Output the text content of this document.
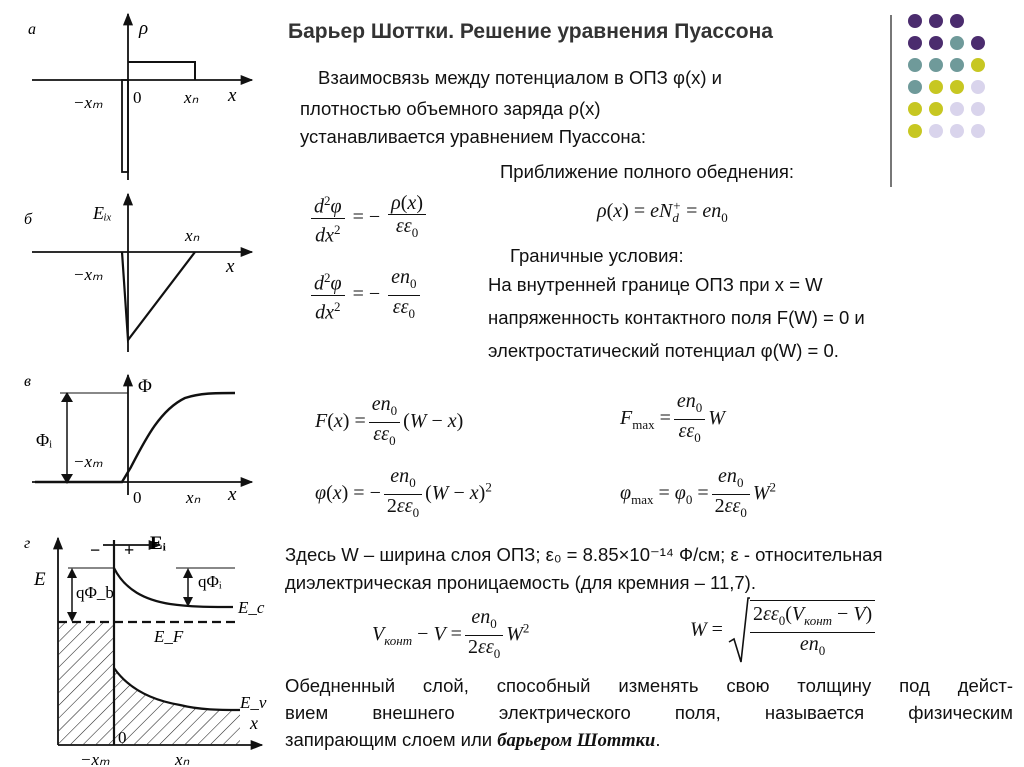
Барьер Шоттки. Решение уравнения Пуассона
Взаимосвязь между потенциалом в ОПЗ φ(x) и
плотностью объемного заряда ρ(x)
устанавливается уравнением Пуассона:
Приближение полного обеднения:
$\frac{d^2\varphi}{dx^2}$ = − $\frac{\rho(x)}{\varepsilon\varepsilon_0}$	ρ(x) = eN+
$d = en_0$
$\frac{d^2\varphi}{dx^2}$ = − $\frac{en_0}{\varepsilon\varepsilon_0}$
Граничные условия:
На внутренней границе ОПЗ при x = W
напряженность контактного поля F(W) = 0 и
электростатический потенциал φ(W) = 0.
$F(x) = \frac{en_0}{\varepsilon\varepsilon_0} (W - x)$	$F_{max} = \frac{en_0}{\varepsilon\varepsilon_0}$ W
φ(x) = − $\frac{en_0}{2\varepsilon\varepsilon_0} (W - x)^2$	$\varphi_{max} = \varphi_0 = \frac{en_0}{2\varepsilon\varepsilon_0} W^2$
Здесь W – ширина слоя ОПЗ; ε₀ = 8.85×10⁻¹⁴ Ф/см; ε - относительная
диэлектрическая проницаемость (для кремния – 11,7).
$V_{конт} - V = \frac{en_0}{2\varepsilon\varepsilon_0} W^2$	W =
$2\varepsilon\varepsilon_0(V_{конт} - V)$
$en_0$
Обедненный слой, способный изменять свою толщину под дейст-
вием внешнего электрического поля, называется физическим
запирающим слоем или барьером Шоттки.
а	ρ
x
0	xₙ
−xₘ
б	Eᵢₓ
x
xₙ
−xₘ
в	Φ
x
0	xₙ
−xₘ
Φᵢ
г
E
x
− + Eᵢ
qΦ_b
qΦᵢ
E_c
E_F
E_v
−xₘ
0
xₙ
